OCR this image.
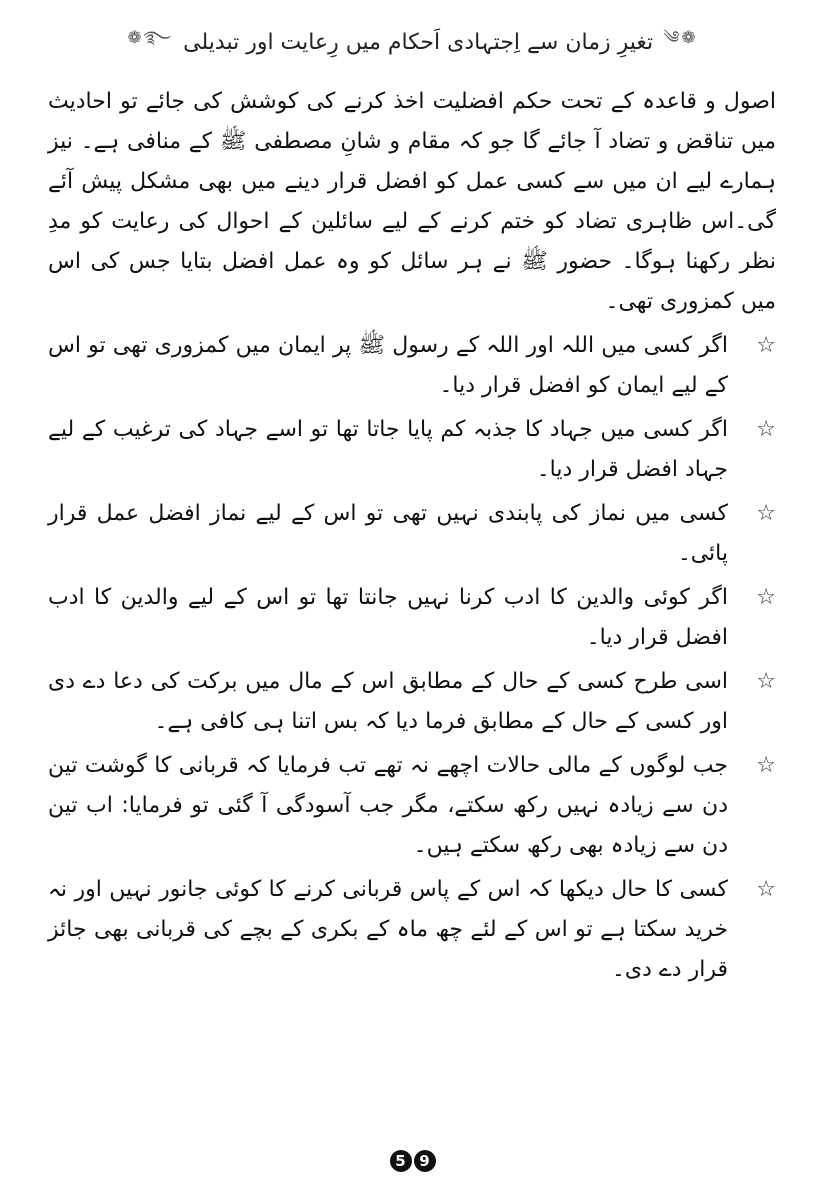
❁༄
تغیرِ زمان سے اِجتہادی اَحکام میں رِعایت اور تبدیلی
࿐❁

اصول و قاعدہ کے تحت حکم افضلیت اخذ کرنے کی کوشش کی جائے تو احادیث میں تناقض و تضاد آ جائے گا جو کہ مقام و شانِ مصطفی ﷺ کے منافی ہے۔ نیز ہمارے لیے ان میں سے کسی عمل کو افضل قرار دینے میں بھی مشکل پیش آئے گی۔اس ظاہری تضاد کو ختم کرنے کے لیے سائلین کے احوال کی رعایت کو مدِ نظر رکھنا ہوگا۔ حضور ﷺ نے ہر سائل کو وہ عمل افضل بتایا جس کی اس میں کمزوری تھی۔

☆
اگر کسی میں اللہ اور اللہ کے رسول ﷺ پر ایمان میں کمزوری تھی تو اس کے لیے ایمان کو افضل قرار دیا۔
☆
اگر کسی میں جہاد کا جذبہ کم پایا جاتا تھا تو اسے جہاد کی ترغیب کے لیے جہاد افضل قرار دیا۔
☆
کسی میں نماز کی پابندی نہیں تھی تو اس کے لیے نماز افضل عمل قرار پائی۔
☆
اگر کوئی والدین کا ادب کرنا نہیں جانتا تھا تو اس کے لیے والدین کا ادب افضل قرار دیا۔
☆
اسی طرح کسی کے حال کے مطابق اس کے مال میں برکت کی دعا دے دی اور کسی کے حال کے مطابق فرما دیا کہ بس اتنا ہی کافی ہے۔
☆
جب لوگوں کے مالی حالات اچھے نہ تھے تب فرمایا کہ قربانی کا گوشت تین دن سے زیادہ نہیں رکھ سکتے، مگر جب آسودگی آ گئی تو فرمایا: اب تین دن سے زیادہ بھی رکھ سکتے ہیں۔
☆
کسی کا حال دیکھا کہ اس کے پاس قربانی کرنے کا کوئی جانور نہیں اور نہ خرید سکتا ہے تو اس کے لئے چھ ماہ کے بکری کے بچے کی قربانی بھی جائز قرار دے دی۔
5 9
